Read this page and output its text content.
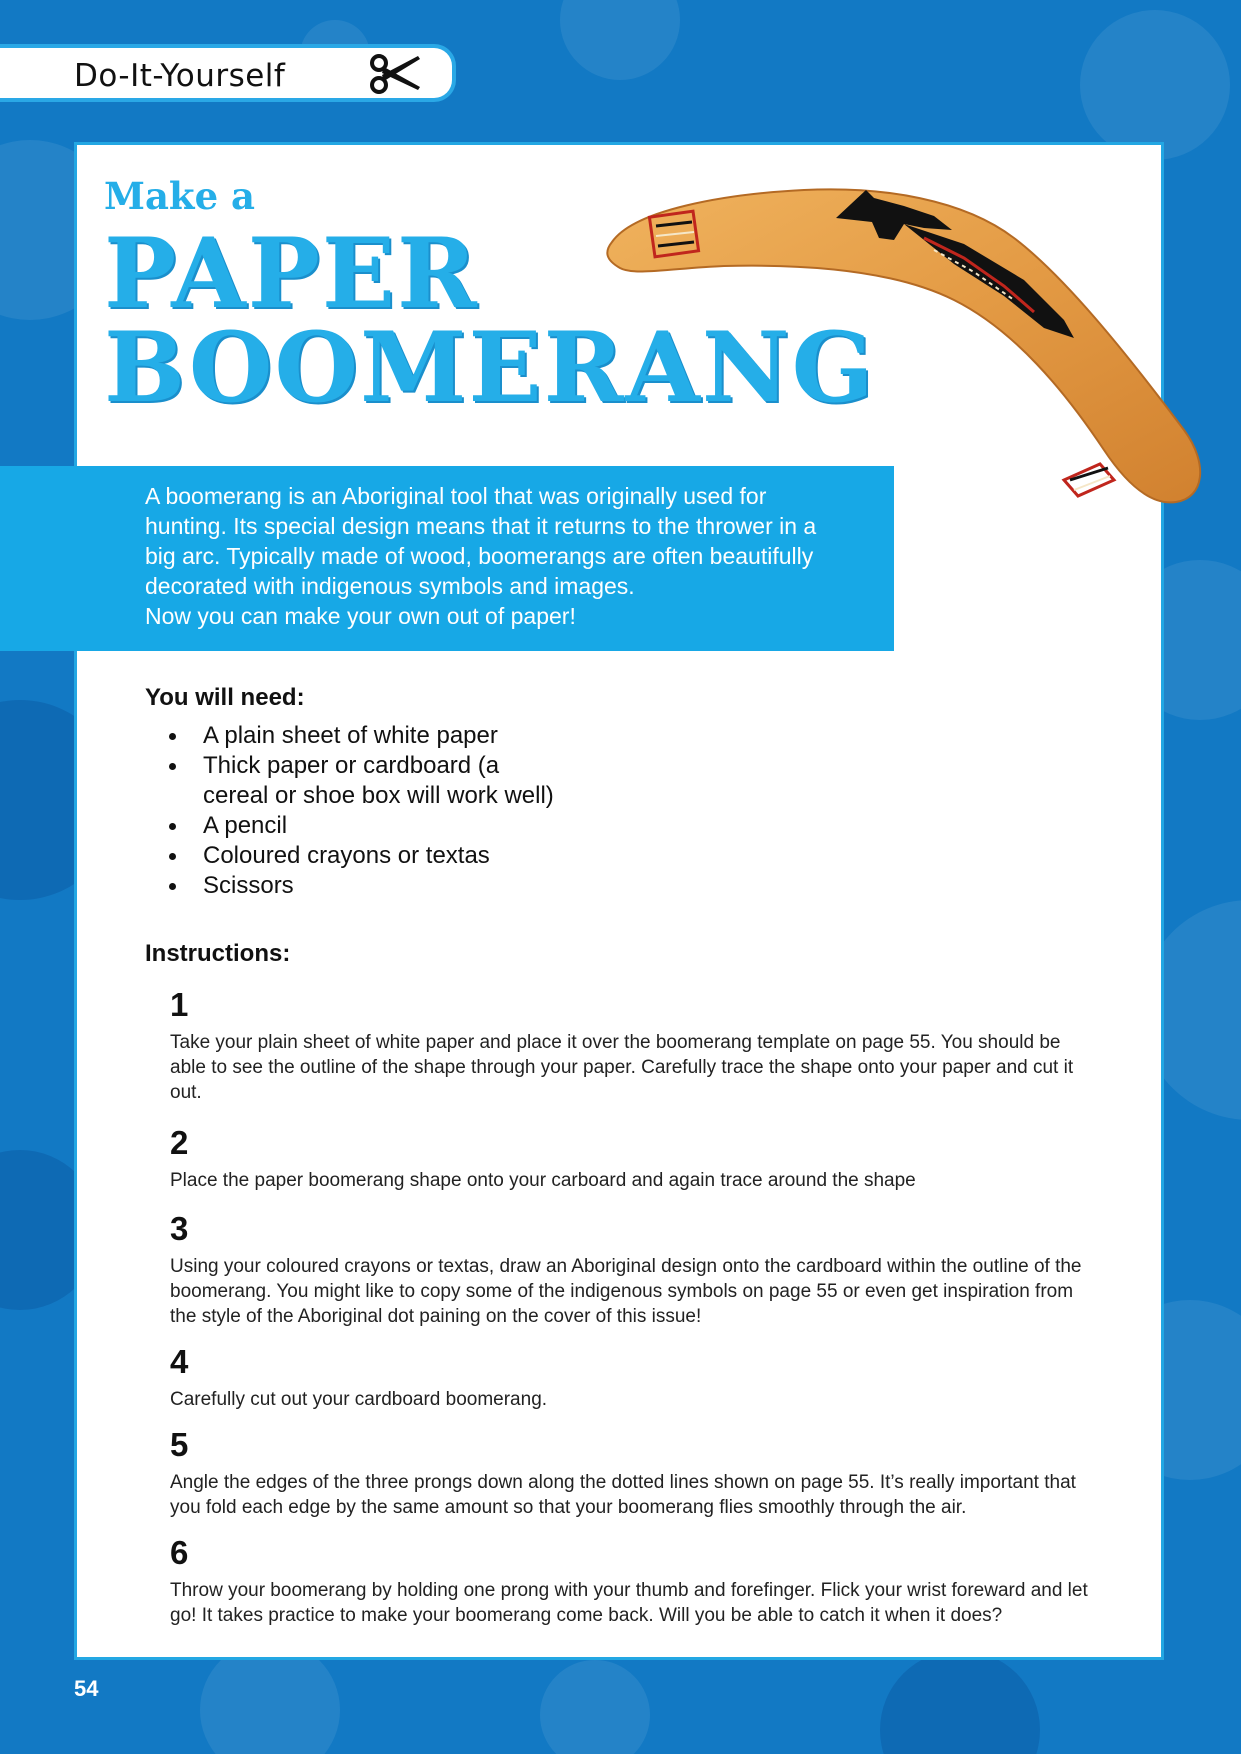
Do-It-Yourself
Make a
PAPER
BOOMERANG

A boomerang is an Aboriginal tool that was originally used for

hunting. Its special design means that it returns to the thrower in a

big arc. Typically made of wood, boomerangs are often beautifully

decorated with indigenous symbols and images.

Now you can make your own out of paper!

You will need:
A plain sheet of white paper
Thick paper or cardboard (a cereal or shoe box will work well)
A pencil
Coloured crayons or textas
Scissors
Instructions:
1
Take your plain sheet of white paper and place it over the boomerang template on page 55. You should be able to see the outline of the shape through your paper. Carefully trace the shape onto your paper and cut it out.
2
Place the paper boomerang shape onto your carboard and again trace around the shape
3
Using your coloured crayons or textas, draw an Aboriginal design onto the cardboard within the outline of the boomerang. You might like to copy some of the indigenous symbols on page 55 or even get inspiration from the style of the Aboriginal dot paining on the cover of this issue!
4
Carefully cut out your cardboard boomerang.
5
Angle the edges of the three prongs down along the dotted lines shown on page 55. It’s really important that you fold each edge by the same amount so that your boomerang flies smoothly through the air.
6
Throw your boomerang by holding one prong with your thumb and forefinger. Flick your wrist foreward and let go! It takes practice to make your boomerang come back. Will you be able to catch it when it does?
54
